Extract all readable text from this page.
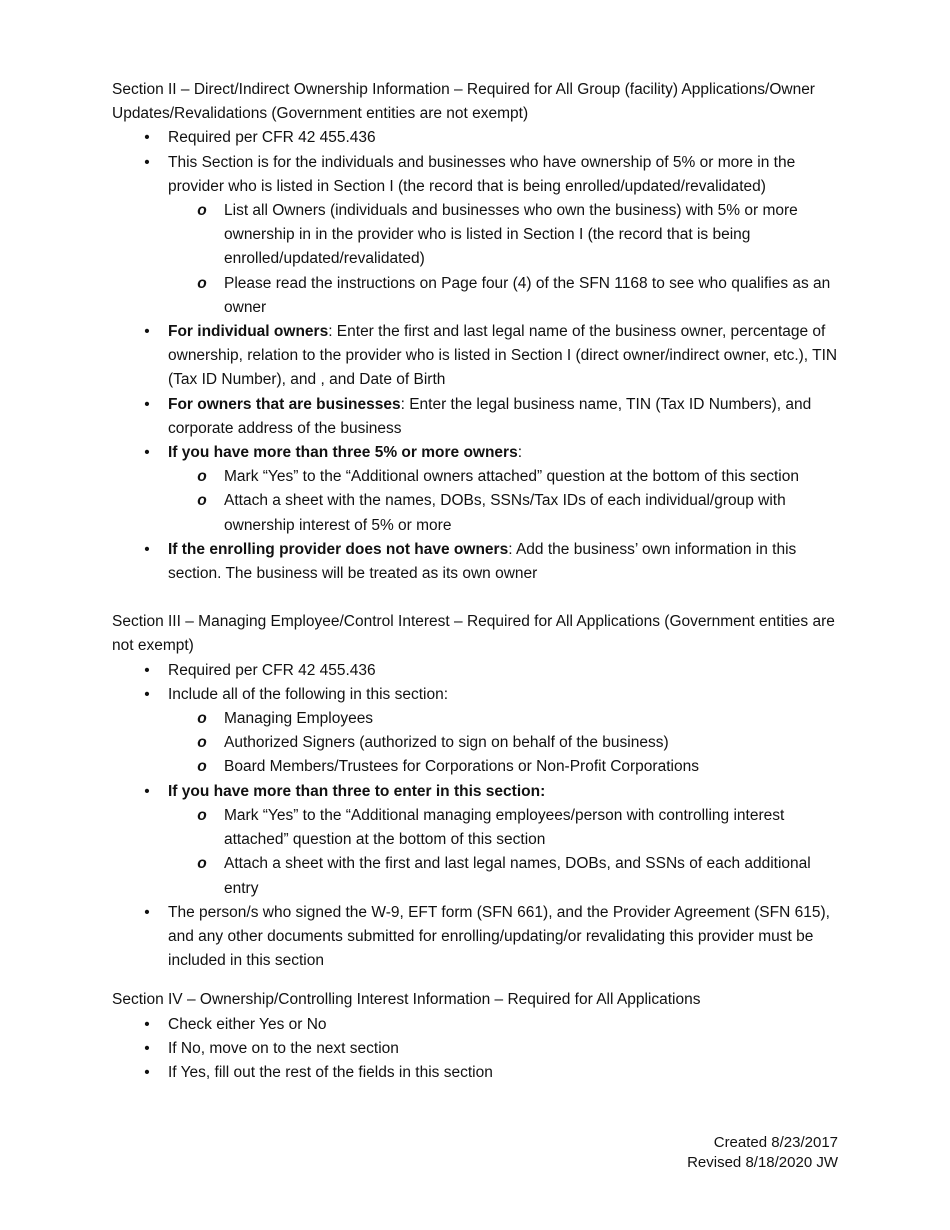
Section II – Direct/Indirect Ownership Information – Required for All Group (facility) Applications/Owner Updates/Revalidations (Government entities are not exempt)

• Required per CFR 42 455.436
• This Section is for the individuals and businesses who have ownership of 5% or more in the provider who is listed in Section I (the record that is being enrolled/updated/revalidated)
o List all Owners (individuals and businesses who own the business) with 5% or more ownership in in the provider who is listed in Section I (the record that is being enrolled/updated/revalidated)
o Please read the instructions on Page four (4) of the SFN 1168 to see who qualifies as an owner
• For individual owners: Enter the first and last legal name of the business owner, percentage of ownership, relation to the provider who is listed in Section I (direct owner/indirect owner, etc.), TIN (Tax ID Number), and , and Date of Birth
• For owners that are businesses: Enter the legal business name, TIN (Tax ID Numbers), and corporate address of the business
• If you have more than three 5% or more owners:
o Mark “Yes” to the “Additional owners attached” question at the bottom of this section
o Attach a sheet with the names, DOBs, SSNs/Tax IDs of each individual/group with ownership interest of 5% or more
• If the enrolling provider does not have owners: Add the business’ own information in this section. The business will be treated as its own owner

Section III – Managing Employee/Control Interest – Required for All Applications (Government entities are not exempt)

• Required per CFR 42 455.436
• Include all of the following in this section:
o Managing Employees
o Authorized Signers (authorized to sign on behalf of the business)
o Board Members/Trustees for Corporations or Non-Profit Corporations
• If you have more than three to enter in this section:
o Mark “Yes” to the “Additional managing employees/person with controlling interest attached” question at the bottom of this section
o Attach a sheet with the first and last legal names, DOBs, and SSNs of each additional entry
• The person/s who signed the W-9, EFT form (SFN 661), and the Provider Agreement (SFN 615), and any other documents submitted for enrolling/updating/or revalidating this provider must be included in this section

Section IV – Ownership/Controlling Interest Information – Required for All Applications

• Check either Yes or No
• If No, move on to the next section
• If Yes, fill out the rest of the fields in this section
Created 8/23/2017
Revised 8/18/2020 JW
